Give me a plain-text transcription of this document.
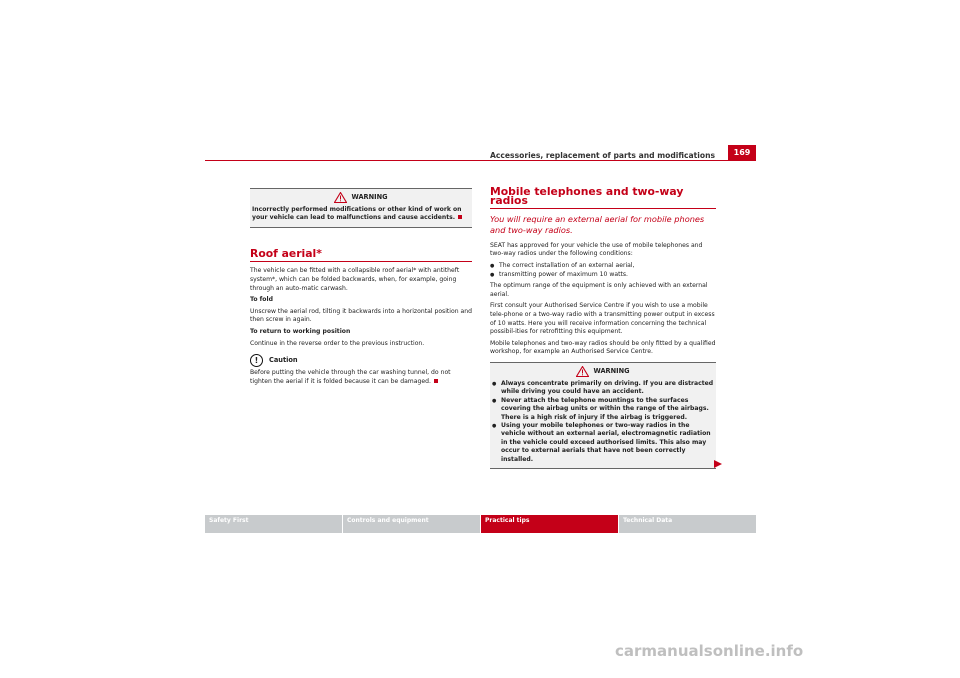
Accessories, replacement of parts and modifications	169
WARNING
Incorrectly performed modifications or other kind of work on your vehicle can lead to malfunctions and cause accidents.
Roof aerial*

The vehicle can be fitted with a collapsible roof aerial* with antitheft system*, which can be folded backwards, when, for example, going through an auto-matic carwash.

To fold

Unscrew the aerial rod, tilting it backwards into a horizontal position and then screw in again.

To return to working position

Continue in the reverse order to the previous instruction.

!	Caution

Before putting the vehicle through the car washing tunnel, do not tighten the aerial if it is folded because it can be damaged.

Mobile telephones and two-way radios
You will require an external aerial for mobile phones and two-way radios.

SEAT has approved for your vehicle the use of mobile telephones and two-way radios under the following conditions:

● The correct installation of an external aerial,
● transmitting power of maximum 10 watts.

The optimum range of the equipment is only achieved with an external aerial.

First consult your Authorised Service Centre if you wish to use a mobile tele-phone or a two-way radio with a transmitting power output in excess of 10 watts. Here you will receive information concerning the technical possibil-ities for retrofitting this equipment.

Mobile telephones and two-way radios should be only fitted by a qualified workshop, for example an Authorised Service Centre.

WARNING
● Always concentrate primarily on driving. If you are distracted while driving you could have an accident.
● Never attach the telephone mountings to the surfaces covering the airbag units or within the range of the airbags. There is a high risk of injury if the airbag is triggered.
● Using your mobile telephones or two-way radios in the vehicle without an external aerial, electromagnetic radiation in the vehicle could exceed authorised limits. This also may occur to external aerials that have not been correctly installed.
Safety First	Controls and equipment	Practical tips	Technical Data
carmanualsonline.info
